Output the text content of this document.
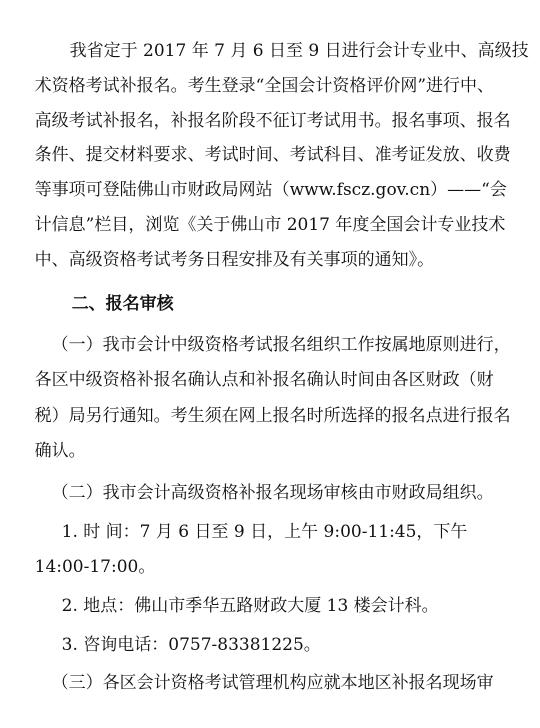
我省定于 2017 年 7 月 6 日至 9 日进行会计专业中、高级技

术资格考试补报名。考生登录“全国会计资格评价网”进行中、

高级考试补报名，补报名阶段不征订考试用书。报名事项、报名

条件、提交材料要求、考试时间、考试科目、准考证发放、收费

等事项可登陆佛山市财政局网站（www.fscz.gov.cn）——“会

计信息”栏目，浏览《关于佛山市 2017 年度全国会计专业技术

中、高级资格考试考务日程安排及有关事项的通知》。

二、报名审核

（一）我市会计中级资格考试报名组织工作按属地原则进行，

各区中级资格补报名确认点和补报名确认时间由各区财政（财

税）局另行通知。考生须在网上报名时所选择的报名点进行报名

确认。

（二）我市会计高级资格补报名现场审核由市财政局组织。

1. 时 间：7 月 6 日至 9 日，上午 9:00-11:45，下午

14:00-17:00。

2. 地点：佛山市季华五路财政大厦 13 楼会计科。

3. 咨询电话：0757-83381225。

（三）各区会计资格考试管理机构应就本地区补报名现场审
